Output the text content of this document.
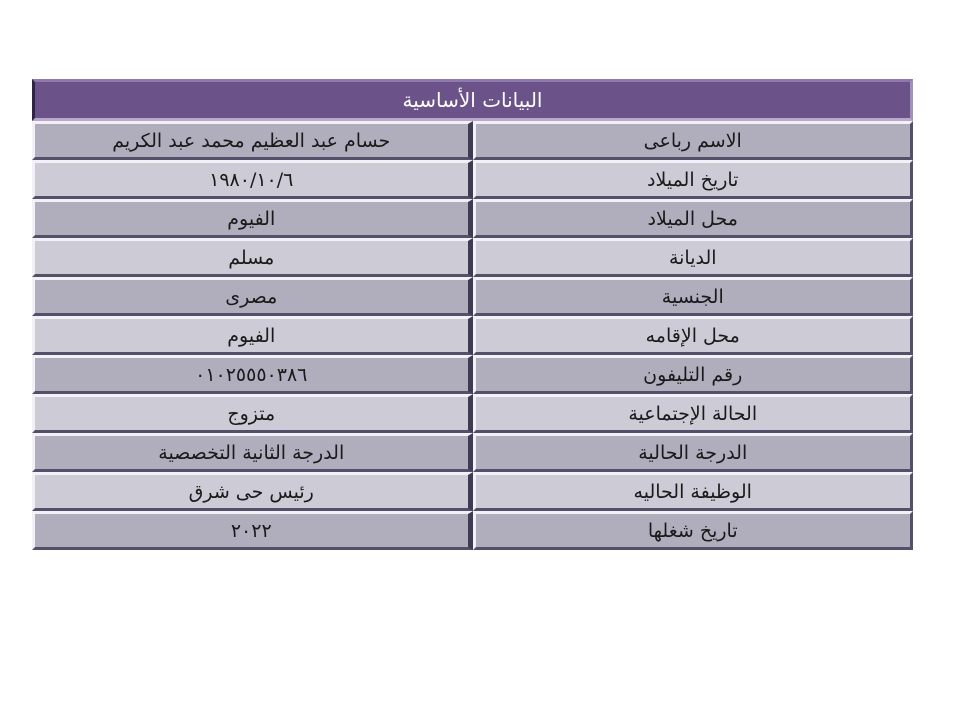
البيانات الأساسية	
الاسم رباعى	حسام عبد العظيم محمد عبد الكريم
تاريخ الميلاد	١٩٨٠/١٠/٦
محل الميلاد	الفيوم
الديانة	مسلم
الجنسية	مصرى
محل الإقامه	الفيوم
رقم التليفون	٠١٠٢٥٥٥٠٣٨٦
الحالة الإجتماعية	متزوج
الدرجة الحالية	الدرجة الثانية التخصصية
الوظيفة الحاليه	رئيس حى شرق
تاريخ شغلها	٢٠٢٢
